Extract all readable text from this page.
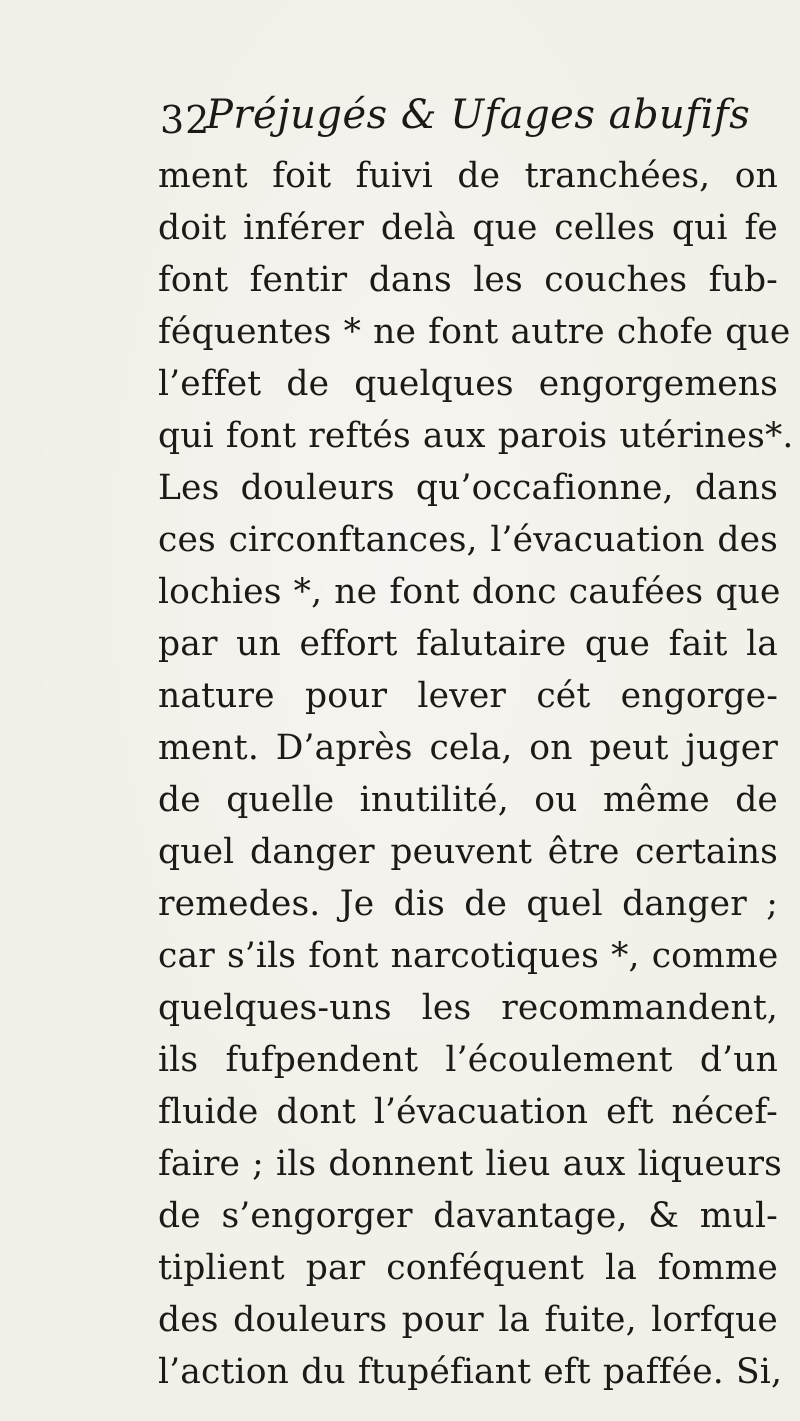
32
Préjugés & Ufages abufifs
ment foit fuivi de tranchées, on
doit inférer delà que celles qui fe
font fentir dans les couches fub-
féquentes * ne font autre chofe que
l’effet de quelques engorgemens
qui font reftés aux parois utérines*.
Les douleurs qu’occafionne, dans
ces circonftances, l’évacuation des
lochies *, ne font donc caufées que
par un effort falutaire que fait la
nature pour lever cét engorge-
ment. D’après cela, on peut juger
de quelle inutilité, ou même de
quel danger peuvent être certains
remedes. Je dis de quel danger ;
car s’ils font narcotiques *, comme
quelques-uns les recommandent,
ils fufpendent l’écoulement d’un
fluide dont l’évacuation eft nécef-
faire ; ils donnent lieu aux liqueurs
de s’engorger davantage, & mul-
tiplient par conféquent la fomme
des douleurs pour la fuite, lorfque
l’action du ftupéfiant eft paffée. Si,
